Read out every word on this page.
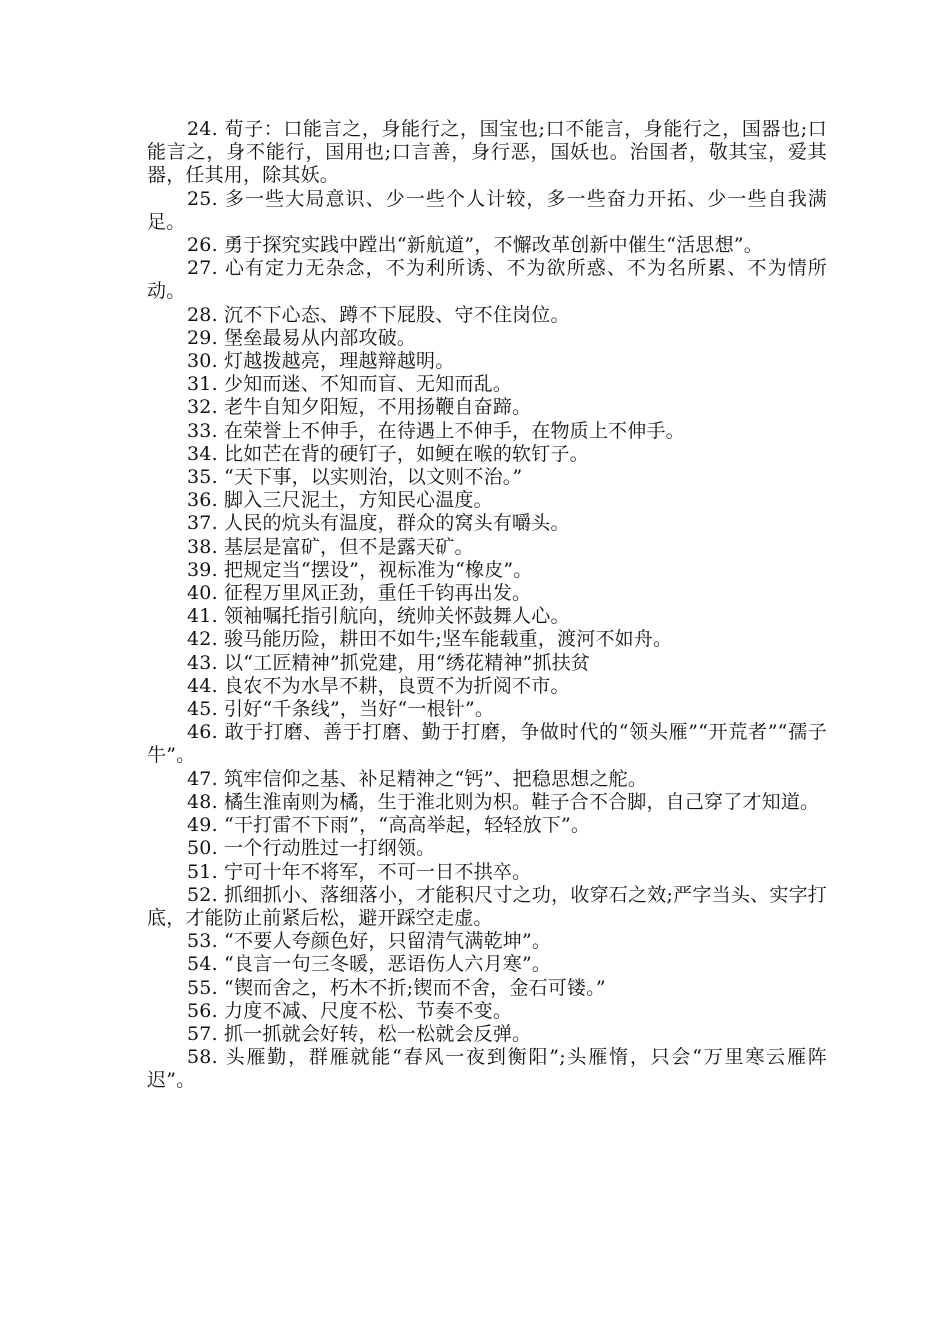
24. 荀子：口能言之，身能行之，国宝也;口不能言，身能行之，国器也;口能言之，身不能行，国用也;口言善，身行恶，国妖也。治国者，敬其宝，爱其器，任其用，除其妖。

25. 多一些大局意识、少一些个人计较，多一些奋力开拓、少一些自我满足。

26. 勇于探究实践中蹚出“新航道”，不懈改革创新中催生“活思想”。

27. 心有定力无杂念，不为利所诱、不为欲所惑、不为名所累、不为情所动。

28. 沉不下心态、蹲不下屁股、守不住岗位。

29. 堡垒最易从内部攻破。

30. 灯越拨越亮，理越辩越明。

31. 少知而迷、不知而盲、无知而乱。

32. 老牛自知夕阳短，不用扬鞭自奋蹄。

33. 在荣誉上不伸手，在待遇上不伸手，在物质上不伸手。

34. 比如芒在背的硬钉子，如鲠在喉的软钉子。

35. “天下事，以实则治，以文则不治。”

36. 脚入三尺泥土，方知民心温度。

37. 人民的炕头有温度，群众的窝头有嚼头。

38. 基层是富矿，但不是露天矿。

39. 把规定当“摆设”，视标准为“橡皮”。

40. 征程万里风正劲，重任千钧再出发。

41. 领袖嘱托指引航向，统帅关怀鼓舞人心。

42. 骏马能历险，耕田不如牛;坚车能载重，渡河不如舟。

43. 以“工匠精神”抓党建，用“绣花精神”抓扶贫

44. 良农不为水旱不耕，良贾不为折阅不市。

45. 引好“千条线”，当好“一根针”。

46. 敢于打磨、善于打磨、勤于打磨，争做时代的“领头雁”“开荒者”“孺子牛”。

47. 筑牢信仰之基、补足精神之“钙”、把稳思想之舵。

48. 橘生淮南则为橘，生于淮北则为枳。鞋子合不合脚，自己穿了才知道。

49. “干打雷不下雨”，“高高举起，轻轻放下”。

50. 一个行动胜过一打纲领。

51. 宁可十年不将军，不可一日不拱卒。

52. 抓细抓小、落细落小，才能积尺寸之功，收穿石之效;严字当头、实字打底，才能防止前紧后松，避开踩空走虚。

53. “不要人夸颜色好，只留清气满乾坤”。

54. “良言一句三冬暖，恶语伤人六月寒”。

55. “锲而舍之，朽木不折;锲而不舍，金石可镂。”

56. 力度不减、尺度不松、节奏不变。

57. 抓一抓就会好转，松一松就会反弹。

58. 头雁勤，群雁就能“春风一夜到衡阳”;头雁惰，只会“万里寒云雁阵迟”。
